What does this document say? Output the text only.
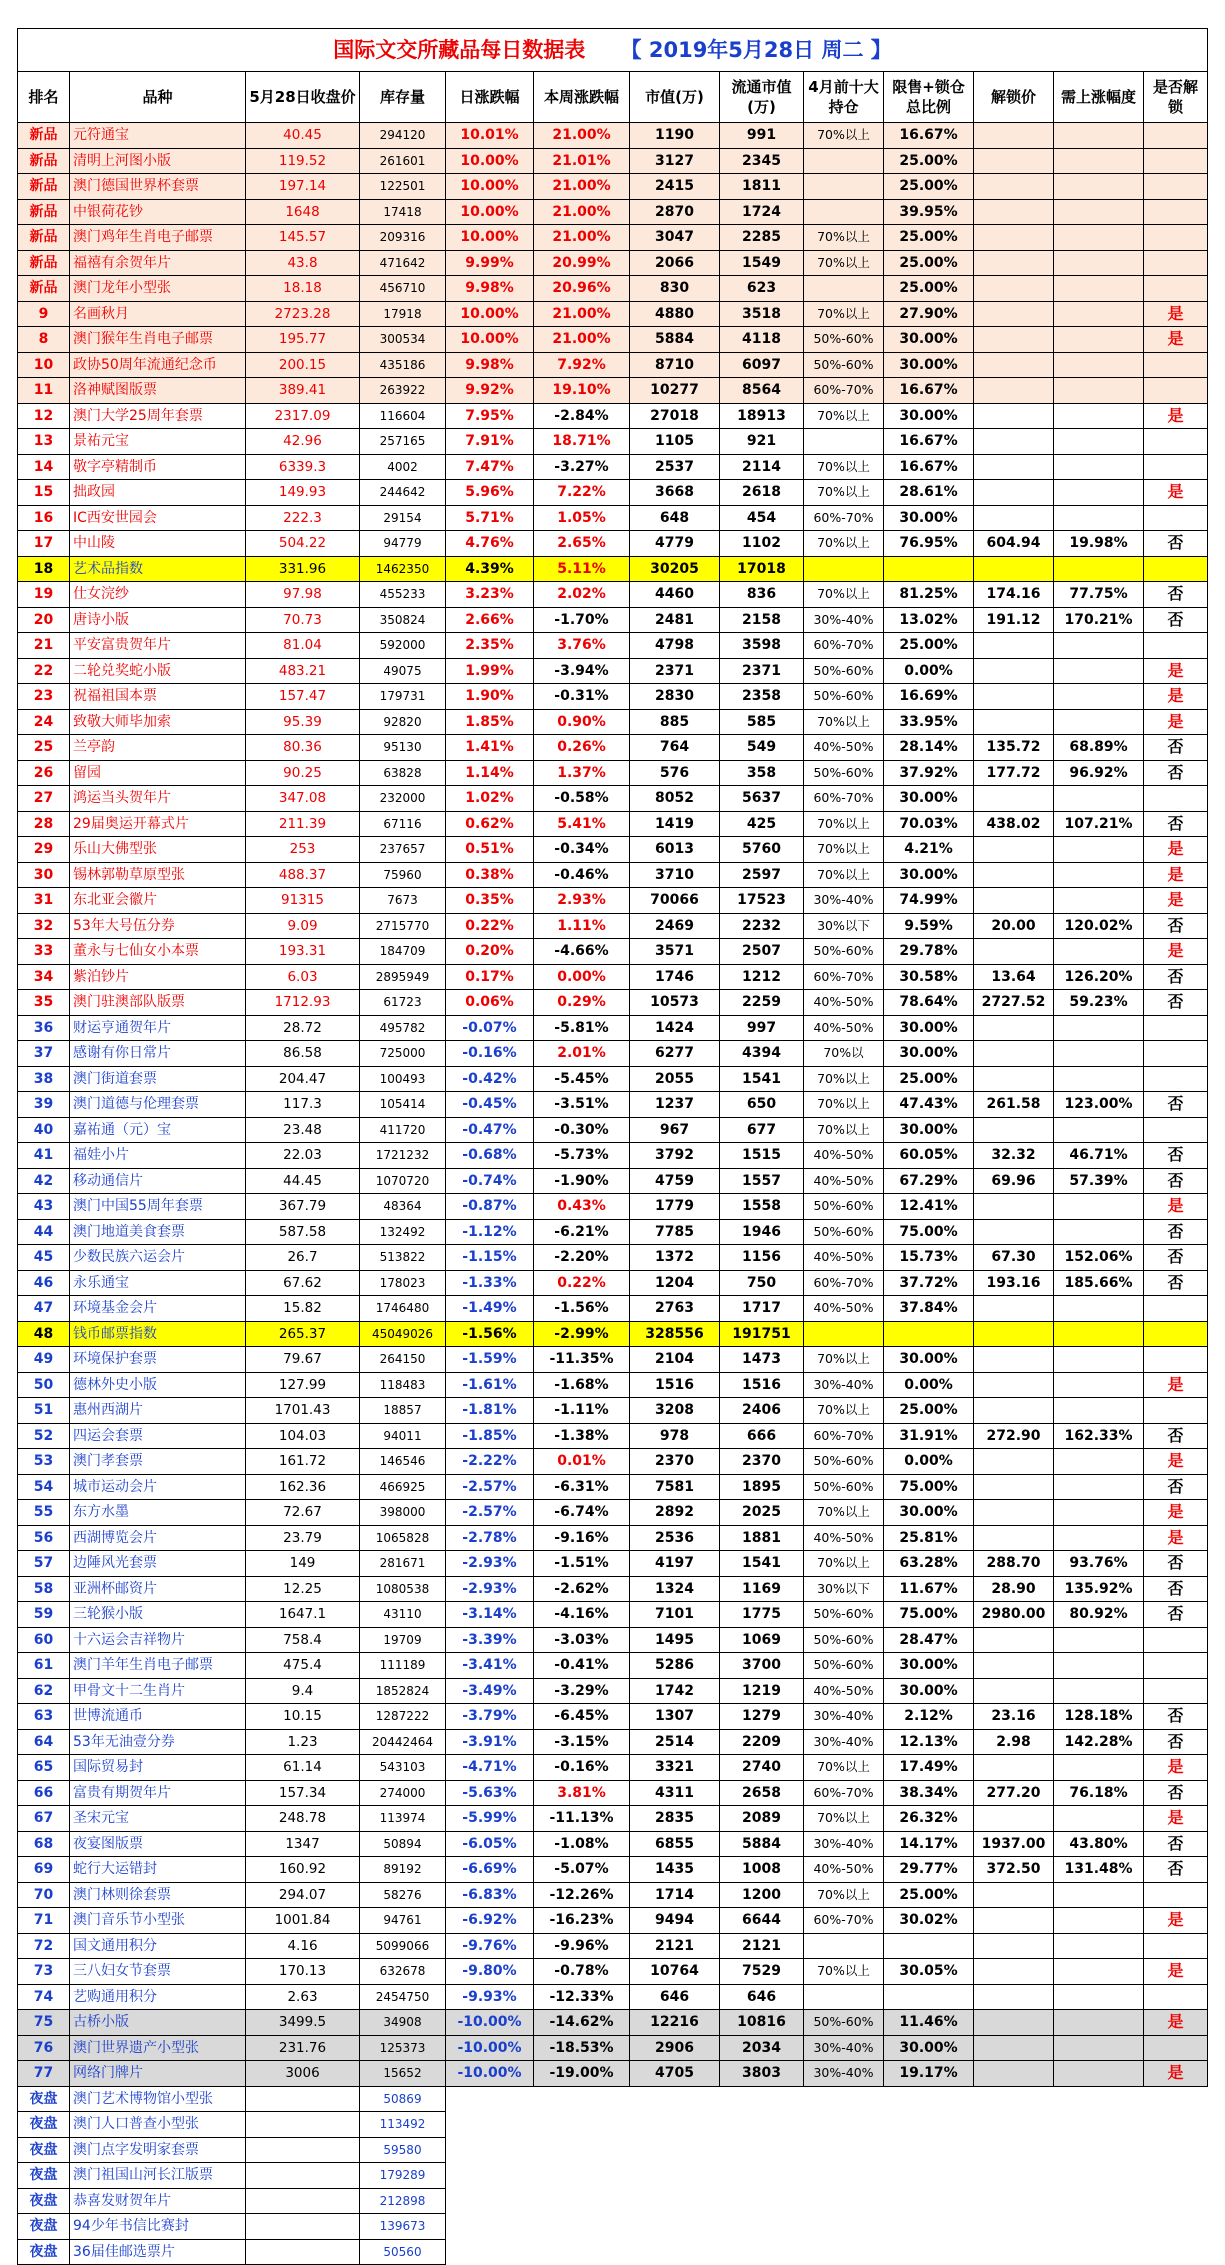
国际文交所藏品每日数据表 【 2019年5月28日 周二 】												
排名	品种	5月28日收盘价	库存量	日涨跌幅	本周涨跌幅	市值(万)	流通市值(万)	4月前十大持仓	限售+锁仓总比例	解锁价	需上涨幅度	是否解锁
新品	元符通宝	40.45	294120	10.01%	21.00%	1190	991	70%以上	16.67%			
新品	清明上河图小版	119.52	261601	10.00%	21.01%	3127	2345		25.00%			
新品	澳门德国世界杯套票	197.14	122501	10.00%	21.00%	2415	1811		25.00%			
新品	中银荷花钞	1648	17418	10.00%	21.00%	2870	1724		39.95%			
新品	澳门鸡年生肖电子邮票	145.57	209316	10.00%	21.00%	3047	2285	70%以上	25.00%			
新品	福禧有余贺年片	43.8	471642	9.99%	20.99%	2066	1549	70%以上	25.00%			
新品	澳门龙年小型张	18.18	456710	9.98%	20.96%	830	623		25.00%			
9	名画秋月	2723.28	17918	10.00%	21.00%	4880	3518	70%以上	27.90%			是
8	澳门猴年生肖电子邮票	195.77	300534	10.00%	21.00%	5884	4118	50%-60%	30.00%			是
10	政协50周年流通纪念币	200.15	435186	9.98%	7.92%	8710	6097	50%-60%	30.00%			
11	洛神赋图版票	389.41	263922	9.92%	19.10%	10277	8564	60%-70%	16.67%			
12	澳门大学25周年套票	2317.09	116604	7.95%	-2.84%	27018	18913	70%以上	30.00%			是
13	景祐元宝	42.96	257165	7.91%	18.71%	1105	921		16.67%			
14	敬字亭精制币	6339.3	4002	7.47%	-3.27%	2537	2114	70%以上	16.67%			
15	拙政园	149.93	244642	5.96%	7.22%	3668	2618	70%以上	28.61%			是
16	IC西安世园会	222.3	29154	5.71%	1.05%	648	454	60%-70%	30.00%			
17	中山陵	504.22	94779	4.76%	2.65%	4779	1102	70%以上	76.95%	604.94	19.98%	否
18	艺术品指数	331.96	1462350	4.39%	5.11%	30205	17018					
19	仕女浣纱	97.98	455233	3.23%	2.02%	4460	836	70%以上	81.25%	174.16	77.75%	否
20	唐诗小版	70.73	350824	2.66%	-1.70%	2481	2158	30%-40%	13.02%	191.12	170.21%	否
21	平安富贵贺年片	81.04	592000	2.35%	3.76%	4798	3598	60%-70%	25.00%			
22	二轮兑奖蛇小版	483.21	49075	1.99%	-3.94%	2371	2371	50%-60%	0.00%			是
23	祝福祖国本票	157.47	179731	1.90%	-0.31%	2830	2358	50%-60%	16.69%			是
24	致敬大师毕加索	95.39	92820	1.85%	0.90%	885	585	70%以上	33.95%			是
25	兰亭韵	80.36	95130	1.41%	0.26%	764	549	40%-50%	28.14%	135.72	68.89%	否
26	留园	90.25	63828	1.14%	1.37%	576	358	50%-60%	37.92%	177.72	96.92%	否
27	鸿运当头贺年片	347.08	232000	1.02%	-0.58%	8052	5637	60%-70%	30.00%			
28	29届奥运开幕式片	211.39	67116	0.62%	5.41%	1419	425	70%以上	70.03%	438.02	107.21%	否
29	乐山大佛型张	253	237657	0.51%	-0.34%	6013	5760	70%以上	4.21%			是
30	锡林郭勒草原型张	488.37	75960	0.38%	-0.46%	3710	2597	70%以上	30.00%			是
31	东北亚会徽片	91315	7673	0.35%	2.93%	70066	17523	30%-40%	74.99%			是
32	53年大号伍分券	9.09	2715770	0.22%	1.11%	2469	2232	30%以下	9.59%	20.00	120.02%	否
33	董永与七仙女小本票	193.31	184709	0.20%	-4.66%	3571	2507	50%-60%	29.78%			是
34	紫泊钞片	6.03	2895949	0.17%	0.00%	1746	1212	60%-70%	30.58%	13.64	126.20%	否
35	澳门驻澳部队版票	1712.93	61723	0.06%	0.29%	10573	2259	40%-50%	78.64%	2727.52	59.23%	否
36	财运亨通贺年片	28.72	495782	-0.07%	-5.81%	1424	997	40%-50%	30.00%			
37	感谢有你日常片	86.58	725000	-0.16%	2.01%	6277	4394	70%以	30.00%			
38	澳门街道套票	204.47	100493	-0.42%	-5.45%	2055	1541	70%以上	25.00%			
39	澳门道德与伦理套票	117.3	105414	-0.45%	-3.51%	1237	650	70%以上	47.43%	261.58	123.00%	否
40	嘉祐通（元）宝	23.48	411720	-0.47%	-0.30%	967	677	70%以上	30.00%			
41	福娃小片	22.03	1721232	-0.68%	-5.73%	3792	1515	40%-50%	60.05%	32.32	46.71%	否
42	移动通信片	44.45	1070720	-0.74%	-1.90%	4759	1557	40%-50%	67.29%	69.96	57.39%	否
43	澳门中国55周年套票	367.79	48364	-0.87%	0.43%	1779	1558	50%-60%	12.41%			是
44	澳门地道美食套票	587.58	132492	-1.12%	-6.21%	7785	1946	50%-60%	75.00%			否
45	少数民族六运会片	26.7	513822	-1.15%	-2.20%	1372	1156	40%-50%	15.73%	67.30	152.06%	否
46	永乐通宝	67.62	178023	-1.33%	0.22%	1204	750	60%-70%	37.72%	193.16	185.66%	否
47	环境基金会片	15.82	1746480	-1.49%	-1.56%	2763	1717	40%-50%	37.84%			
48	钱币邮票指数	265.37	45049026	-1.56%	-2.99%	328556	191751					
49	环境保护套票	79.67	264150	-1.59%	-11.35%	2104	1473	70%以上	30.00%			
50	德林外史小版	127.99	118483	-1.61%	-1.68%	1516	1516	30%-40%	0.00%			是
51	惠州西湖片	1701.43	18857	-1.81%	-1.11%	3208	2406	70%以上	25.00%			
52	四运会套票	104.03	94011	-1.85%	-1.38%	978	666	60%-70%	31.91%	272.90	162.33%	否
53	澳门孝套票	161.72	146546	-2.22%	0.01%	2370	2370	50%-60%	0.00%			是
54	城市运动会片	162.36	466925	-2.57%	-6.31%	7581	1895	50%-60%	75.00%			否
55	东方水墨	72.67	398000	-2.57%	-6.74%	2892	2025	70%以上	30.00%			是
56	西湖博览会片	23.79	1065828	-2.78%	-9.16%	2536	1881	40%-50%	25.81%			是
57	边陲风光套票	149	281671	-2.93%	-1.51%	4197	1541	70%以上	63.28%	288.70	93.76%	否
58	亚洲杯邮资片	12.25	1080538	-2.93%	-2.62%	1324	1169	30%以下	11.67%	28.90	135.92%	否
59	三轮猴小版	1647.1	43110	-3.14%	-4.16%	7101	1775	50%-60%	75.00%	2980.00	80.92%	否
60	十六运会吉祥物片	758.4	19709	-3.39%	-3.03%	1495	1069	50%-60%	28.47%			
61	澳门羊年生肖电子邮票	475.4	111189	-3.41%	-0.41%	5286	3700	50%-60%	30.00%			
62	甲骨文十二生肖片	9.4	1852824	-3.49%	-3.29%	1742	1219	40%-50%	30.00%			
63	世博流通币	10.15	1287222	-3.79%	-6.45%	1307	1279	30%-40%	2.12%	23.16	128.18%	否
64	53年无油壹分券	1.23	20442464	-3.91%	-3.15%	2514	2209	30%-40%	12.13%	2.98	142.28%	否
65	国际贸易封	61.14	543103	-4.71%	-0.16%	3321	2740	70%以上	17.49%			是
66	富贵有期贺年片	157.34	274000	-5.63%	3.81%	4311	2658	60%-70%	38.34%	277.20	76.18%	否
67	圣宋元宝	248.78	113974	-5.99%	-11.13%	2835	2089	70%以上	26.32%			是
68	夜宴图版票	1347	50894	-6.05%	-1.08%	6855	5884	30%-40%	14.17%	1937.00	43.80%	否
69	蛇行大运错封	160.92	89192	-6.69%	-5.07%	1435	1008	40%-50%	29.77%	372.50	131.48%	否
70	澳门林则徐套票	294.07	58276	-6.83%	-12.26%	1714	1200	70%以上	25.00%			
71	澳门音乐节小型张	1001.84	94761	-6.92%	-16.23%	9494	6644	60%-70%	30.02%			是
72	国文通用积分	4.16	5099066	-9.76%	-9.96%	2121	2121					
73	三八妇女节套票	170.13	632678	-9.80%	-0.78%	10764	7529	70%以上	30.05%			是
74	艺购通用积分	2.63	2454750	-9.93%	-12.33%	646	646					
75	古桥小版	3499.5	34908	-10.00%	-14.62%	12216	10816	50%-60%	11.46%			是
76	澳门世界遗产小型张	231.76	125373	-10.00%	-18.53%	2906	2034	30%-40%	30.00%			
77	网络门牌片	3006	15652	-10.00%	-19.00%	4705	3803	30%-40%	19.17%			是
夜盘	澳门艺术博物馆小型张		50869									
夜盘	澳门人口普查小型张		113492									
夜盘	澳门点字发明家套票		59580									
夜盘	澳门祖国山河长江版票		179289									
夜盘	恭喜发财贺年片		212898									
夜盘	94少年书信比赛封		139673									
夜盘	36届佳邮选票片		50560									
